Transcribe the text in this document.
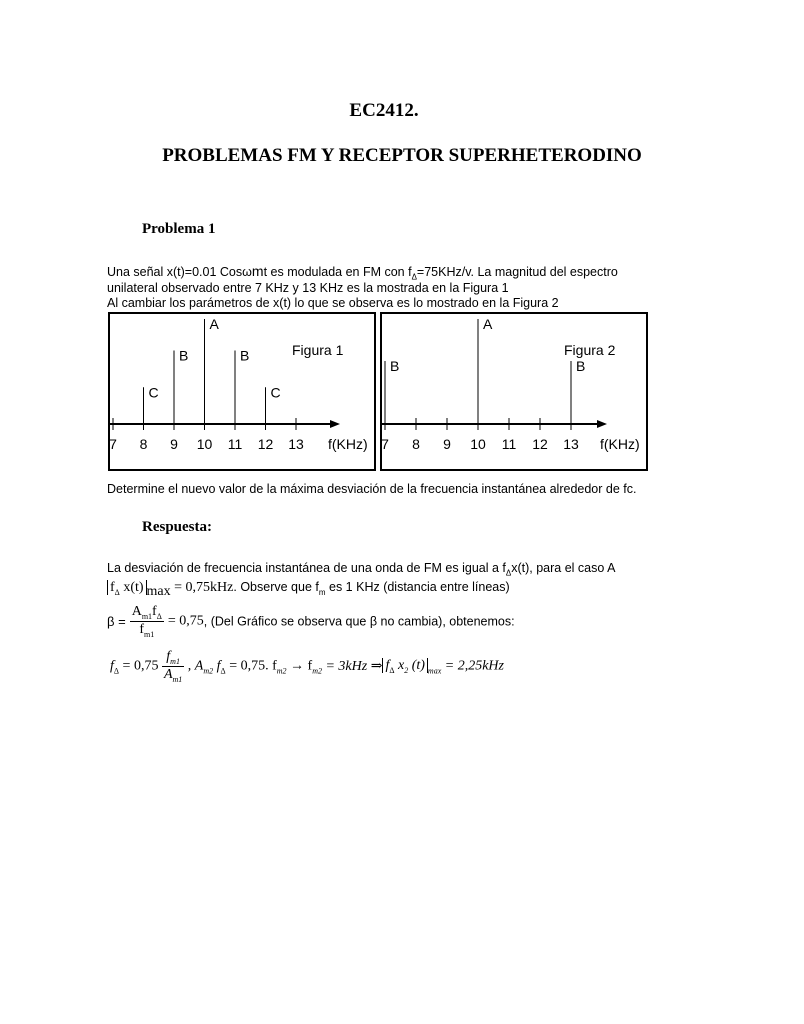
EC2412.
PROBLEMAS FM Y RECEPTOR SUPERHETERODINO
Problema 1
Una señal x(t)=0.01 Cosωmt es modulada en FM con $f_\Delta=75KHz/v$. La magnitud del espectro
unilateral observado entre 7 KHz y 13 KHz es la mostrada en la Figura 1
Al cambiar los parámetros de x(t) lo que se observa es lo mostrado en la Figura 2
7 8 9 10 11 12 13 f(KHz)
Figura 1
C
B
A
B
C
7 8 9 10 11 12 13 f(KHz)
Figura 2
B
A
B
Determine el nuevo valor de la máxima desviación de la frecuencia instantánea alrededor de fc.
Respuesta:
La desviación de frecuencia instantánea de una onda de FM es igual a $f_\Delta x(t)$, para el caso A
$f_\Delta$ x(t) $_{max}$ = 0,75kHz. Observe que $f_m$ es 1 KHz (distancia entre líneas)
$\beta = \frac{A_{m1}f_\Delta}{f_{m1}} = 0,75$, (Del Gráfico se observa que β no cambia), obtenemos:
$f_\Delta = 0,75 \frac{f_{m1}}{A_{m1}}$ , $A_{m2}$ $f_\Delta = 0,75$. $f_{m2} \to f_{m2} = 3kHz$ ⇒ $f_\Delta$ $x_2$ (t) $_{max}$ = 2,25kHz
